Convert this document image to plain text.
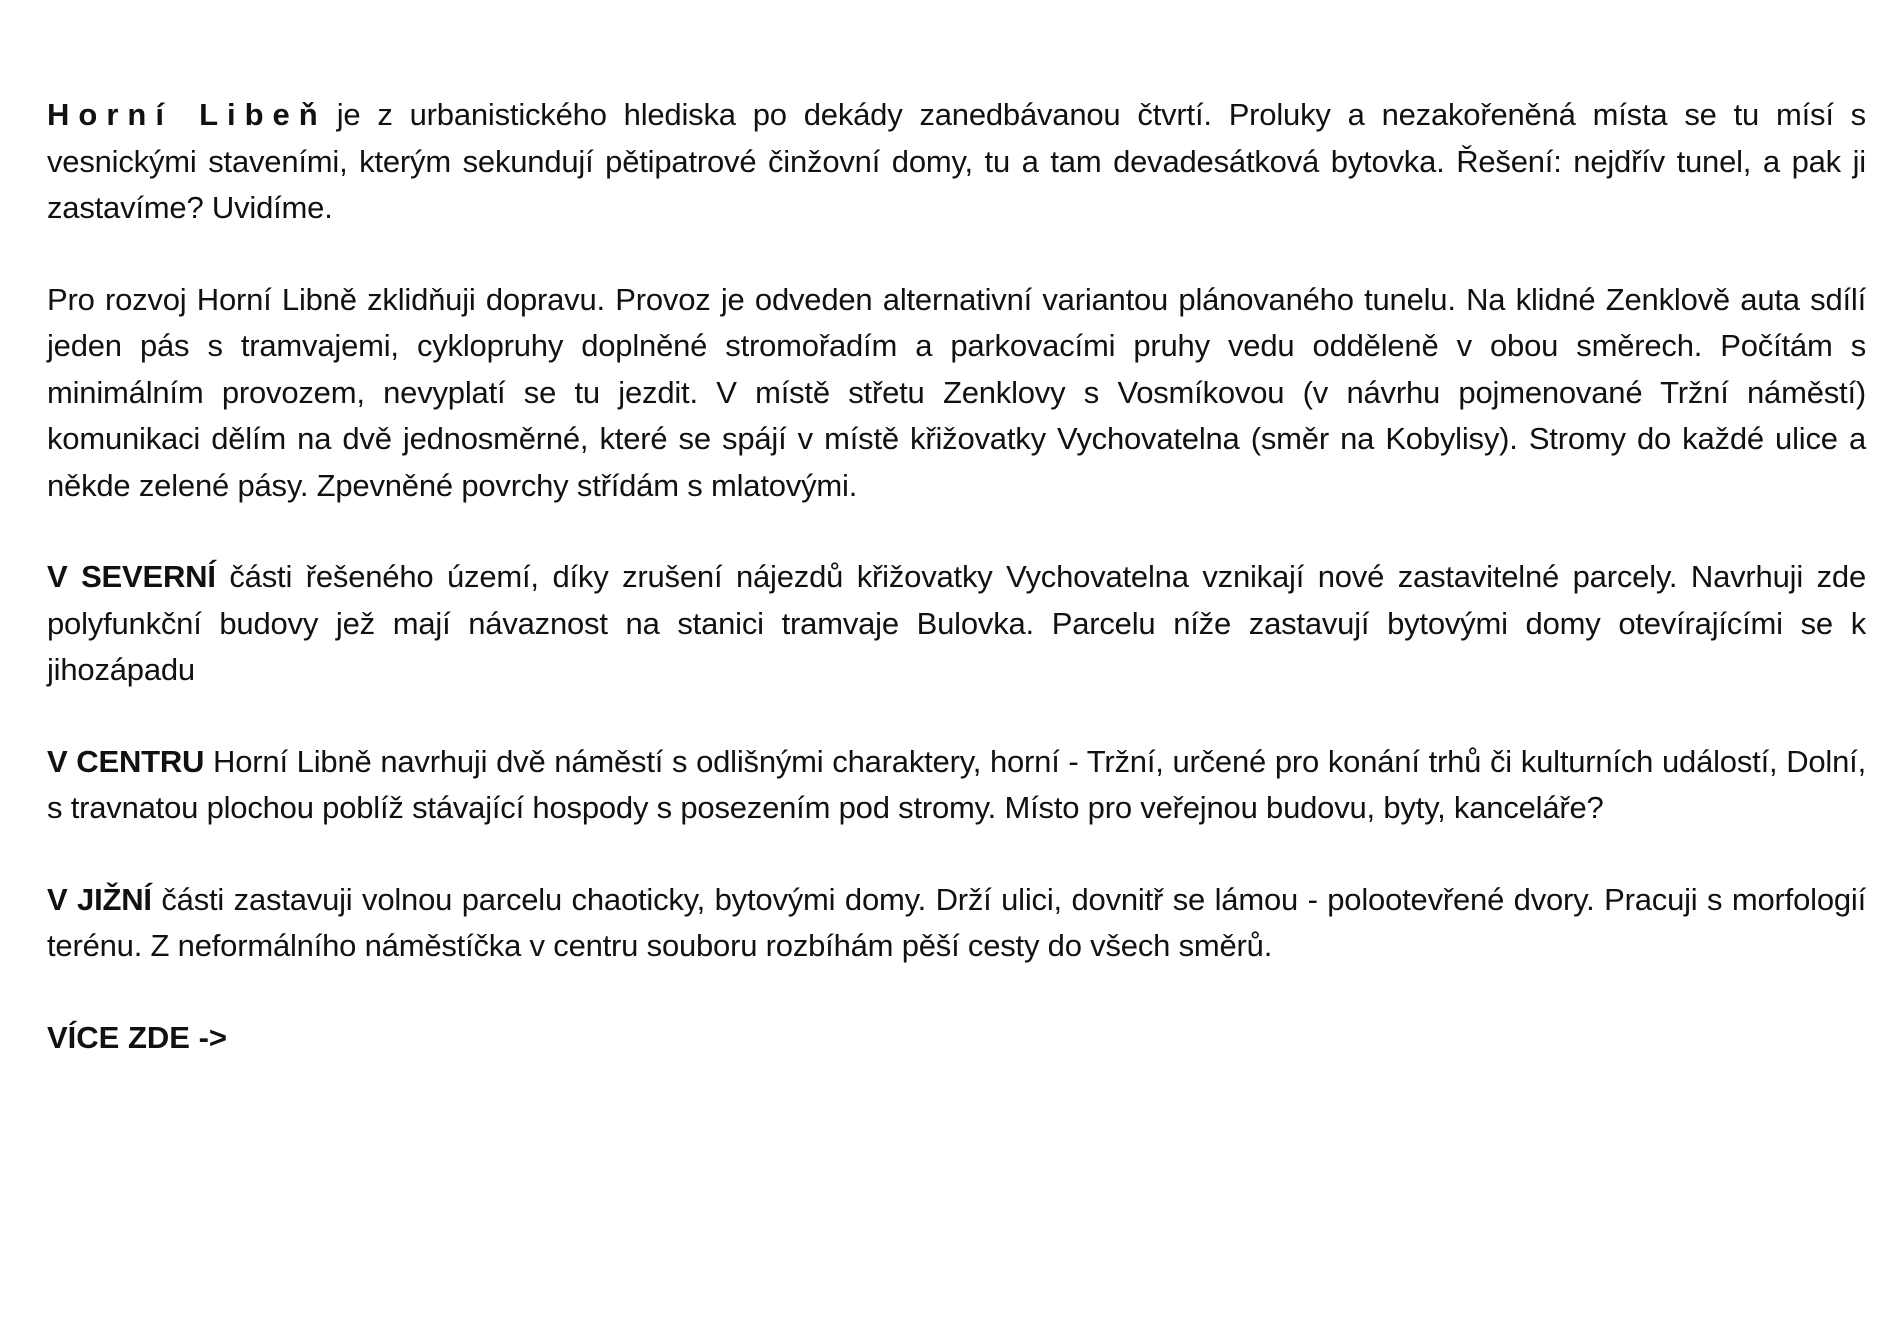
Horní Libeň je z urbanistického hlediska po dekády zanedbávanou čtvrtí. Proluky a nezakořeněná místa se tu mísí s vesnickými staveními, kterým sekundují pětipatrové činžovní domy, tu a tam devadesátková bytovka. Řešení: nejdřív tunel, a pak ji zastavíme? Uvidíme.

Pro rozvoj Horní Libně zklidňuji dopravu. Provoz je odveden alternativní variantou plánovaného tunelu. Na klidné Zenklově auta sdílí jeden pás s tramvajemi, cyklopruhy doplněné stromořadím a parkovacími pruhy vedu odděleně v obou směrech. Počítám s minimálním provozem, nevyplatí se tu jezdit. V místě střetu Zenklovy s Vosmíkovou (v návrhu pojmenované Tržní náměstí) komunikaci dělím na dvě jednosměrné, které se spájí v místě křižovatky Vychovatelna (směr na Kobylisy). Stromy do každé ulice a někde zelené pásy. Zpevněné povrchy střídám s mlatovými.

V SEVERNÍ části řešeného území, díky zrušení nájezdů křižovatky Vychovatelna vznikají nové zastavitelné parcely. Navrhuji zde polyfunkční budovy jež mají návaznost na stanici tramvaje Bulovka. Parcelu níže zastavují bytovými domy otevírajícími se k jihozápadu

V CENTRU Horní Libně navrhuji dvě náměstí s odlišnými charaktery, horní - Tržní, určené pro konání trhů či kulturních událostí, Dolní, s travnatou plochou poblíž stávající hospody s posezením pod stromy. Místo pro veřejnou budovu, byty, kanceláře?

V JIŽNÍ části zastavuji volnou parcelu chaoticky, bytovými domy. Drží ulici, dovnitř se lámou - polootevřené dvory. Pracuji s morfologií terénu. Z neformálního náměstíčka v centru souboru rozbíhám pěší cesty do všech směrů.

VÍCE ZDE ->
